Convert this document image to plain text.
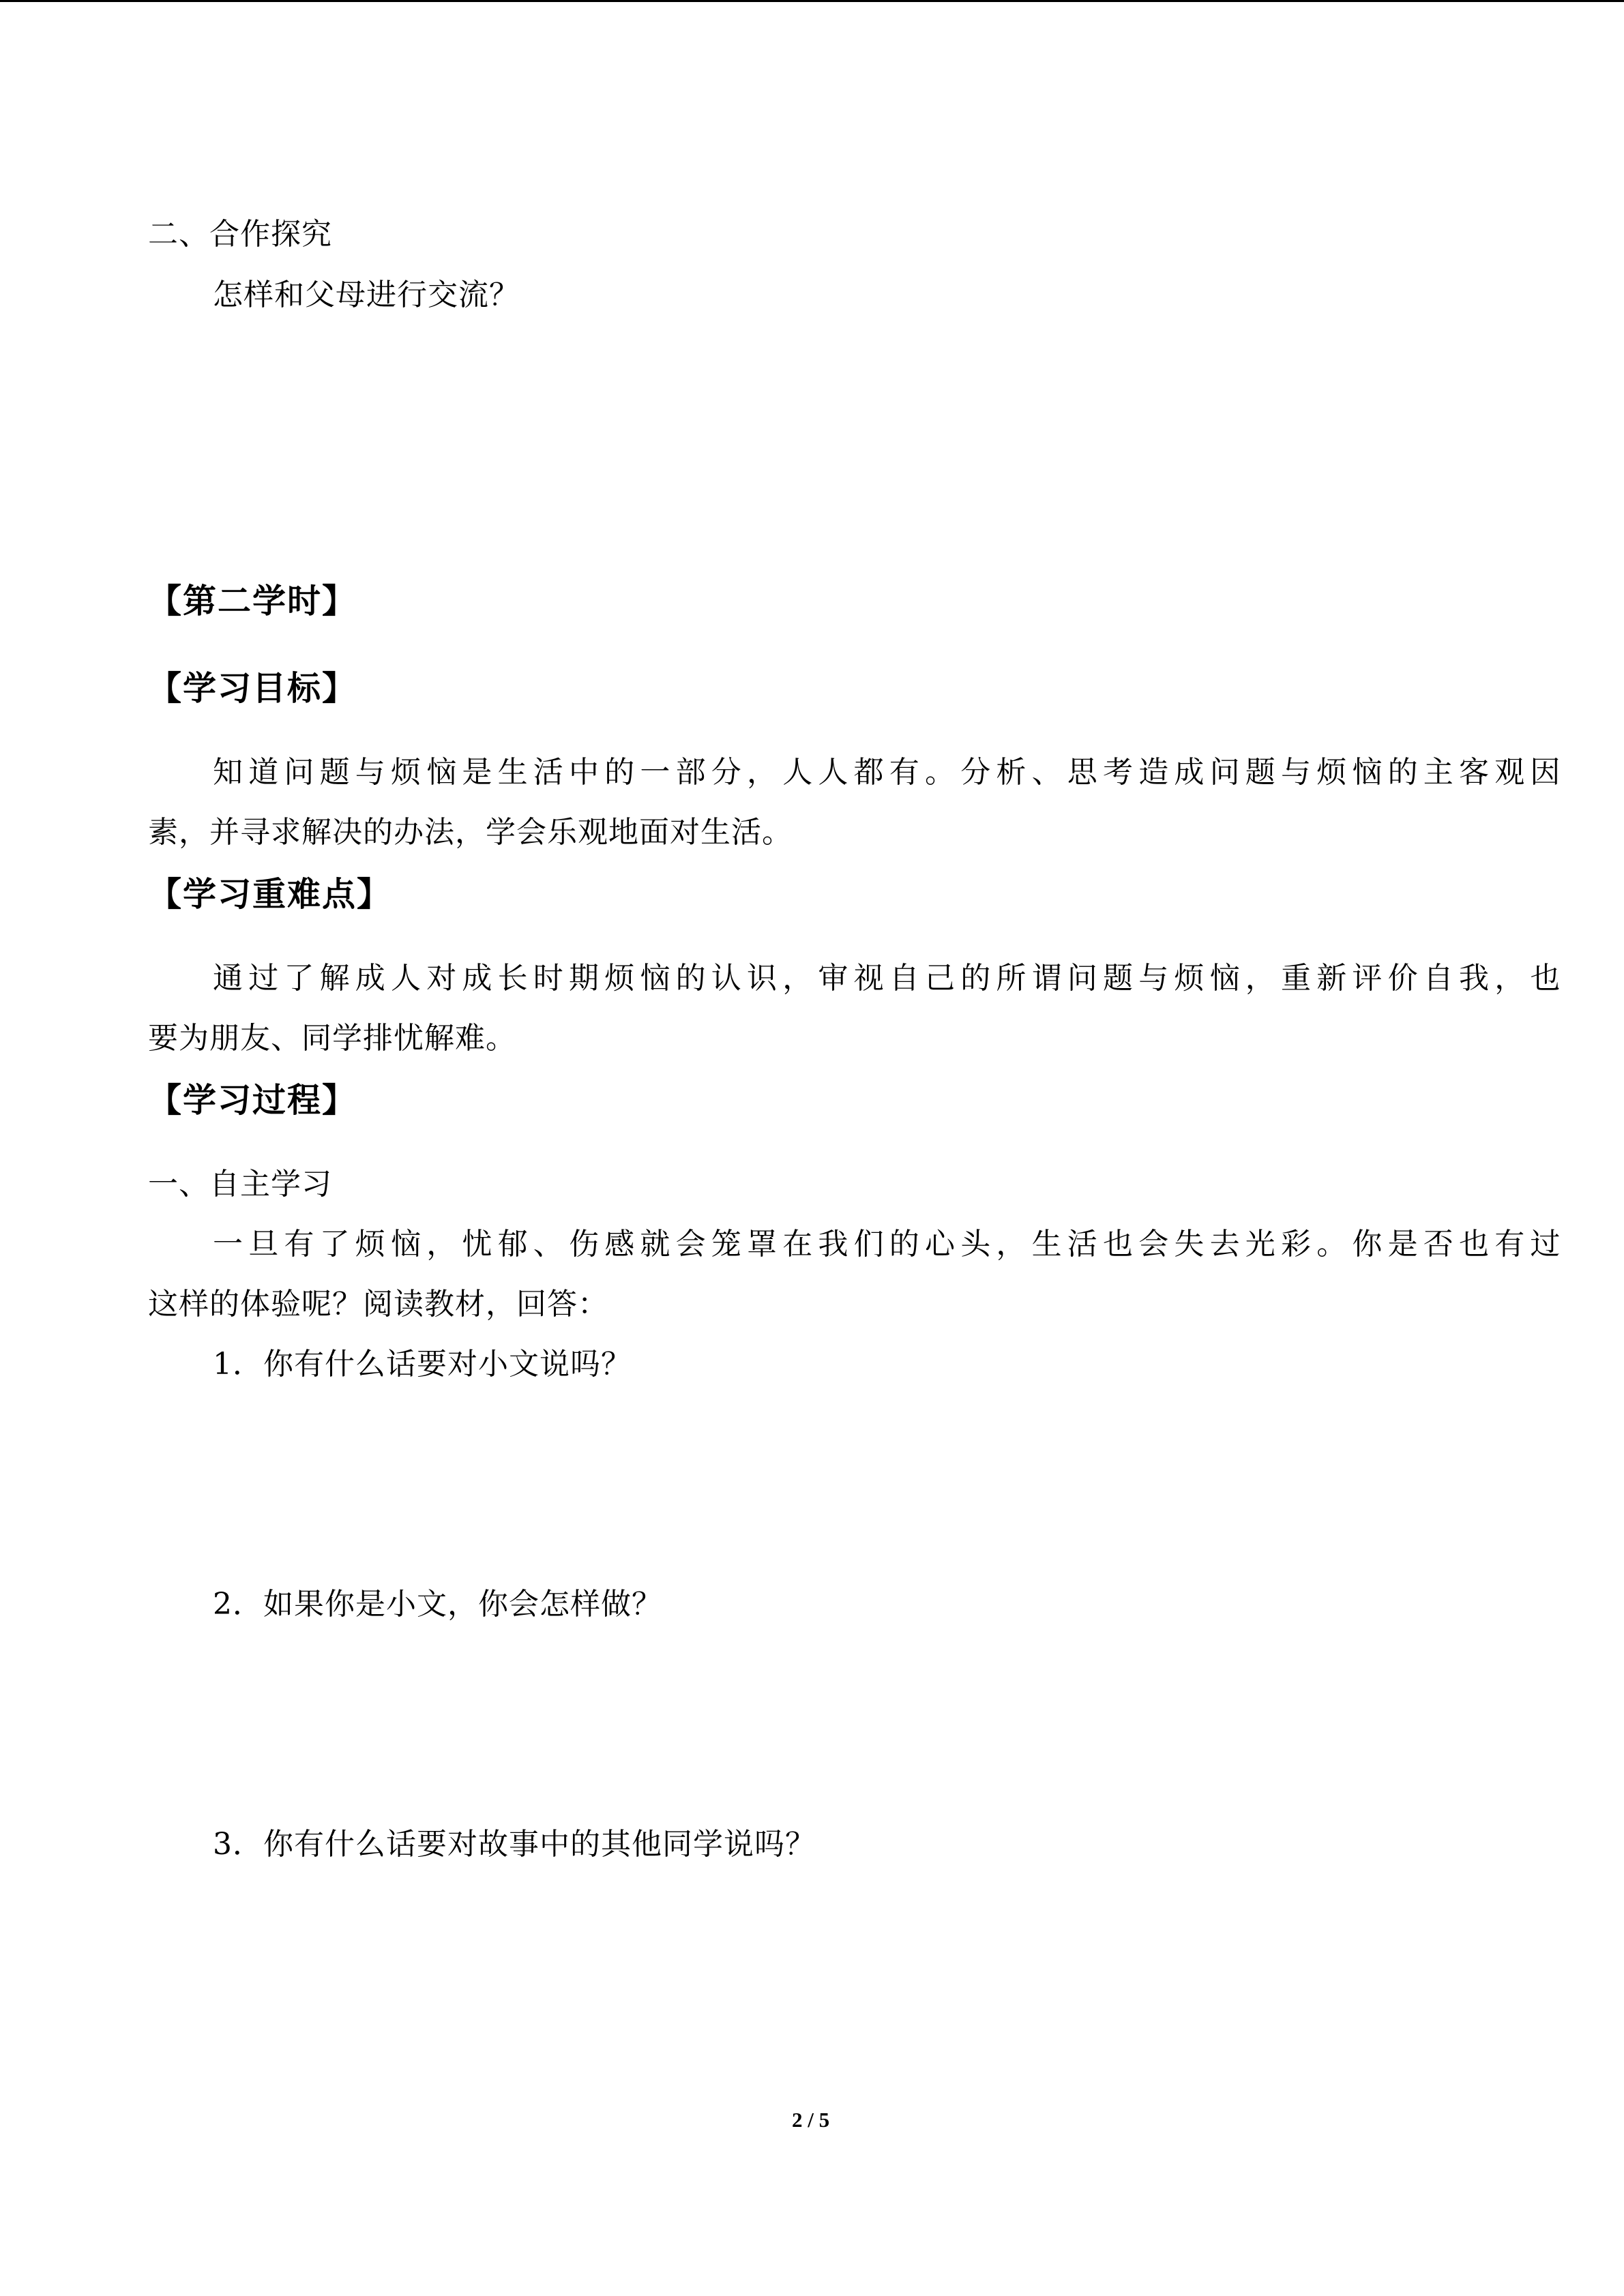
二、合作探究
怎样和父母进行交流？
【第二学时】
【学习目标】
知道问题与烦恼是生活中的一部分，人人都有。分析、思考造成问题与烦恼的主客观因
素，并寻求解决的办法，学会乐观地面对生活。
【学习重难点】
通过了解成人对成长时期烦恼的认识，审视自己的所谓问题与烦恼，重新评价自我，也
要为朋友、同学排忧解难。
【学习过程】
一、自主学习
一旦有了烦恼，忧郁、伤感就会笼罩在我们的心头，生活也会失去光彩。你是否也有过
这样的体验呢？阅读教材，回答：
1．你有什么话要对小文说吗？
2．如果你是小文，你会怎样做？
3．你有什么话要对故事中的其他同学说吗？
2 / 5
